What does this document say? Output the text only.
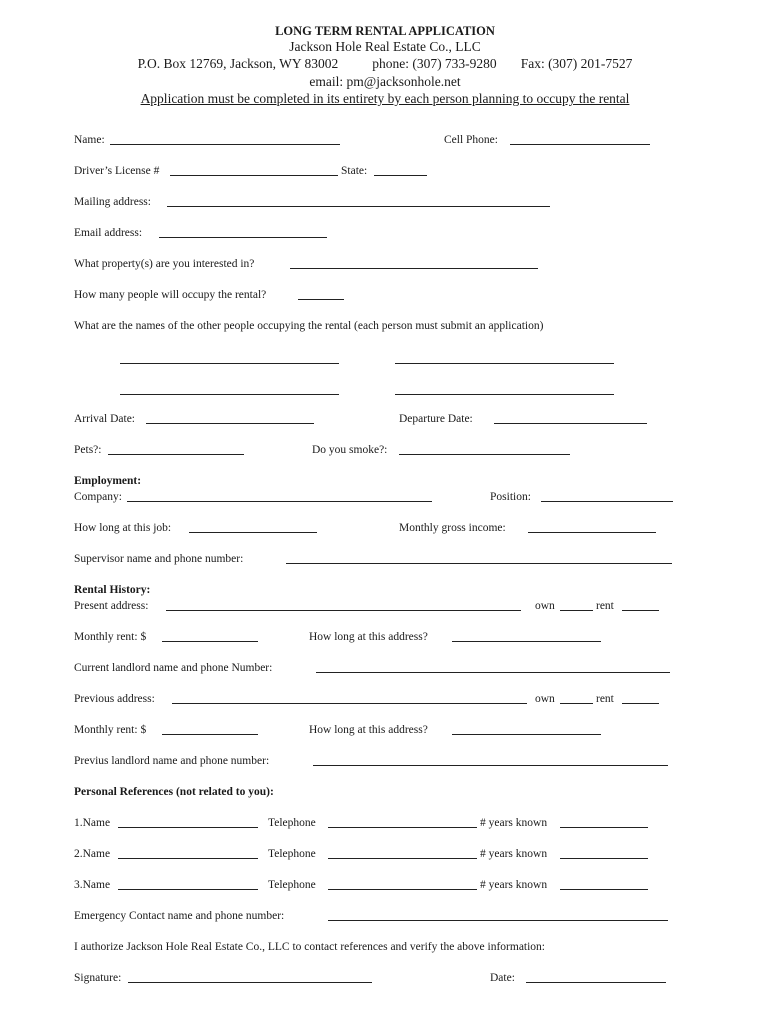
LONG TERM RENTAL APPLICATION
Jackson Hole Real Estate Co., LLC
P.O. Box 12769, Jackson, WY 83002	phone: (307) 733-9280 Fax: (307) 201-7527
email: pm@jacksonhole.net
Application must be completed in its entirety by each person planning to occupy the rental
Name:	Cell Phone:
Driver’s License #	State:
Mailing address:
Email address:
What property(s) are you interested in?
How many people will occupy the rental?
What are the names of the other people occupying the rental (each person must submit an application)
Arrival Date:	Departure Date:
Pets?:	Do you smoke?:
Employment:
Company:	Position:
How long at this job:	Monthly gross income:
Supervisor name and phone number:
Rental History:
Present address:	own	rent
Monthly rent: $	How long at this address?
Current landlord name and phone Number:
Previous address:	own	rent
Monthly rent: $	How long at this address?
Previus landlord name and phone number:
Personal References (not related to you):
1.Name	Telephone	# years known
2.Name	Telephone	# years known
3.Name	Telephone	# years known
Emergency Contact name and phone number:
I authorize Jackson Hole Real Estate Co., LLC to contact references and verify the above information:
Signature:	Date:
